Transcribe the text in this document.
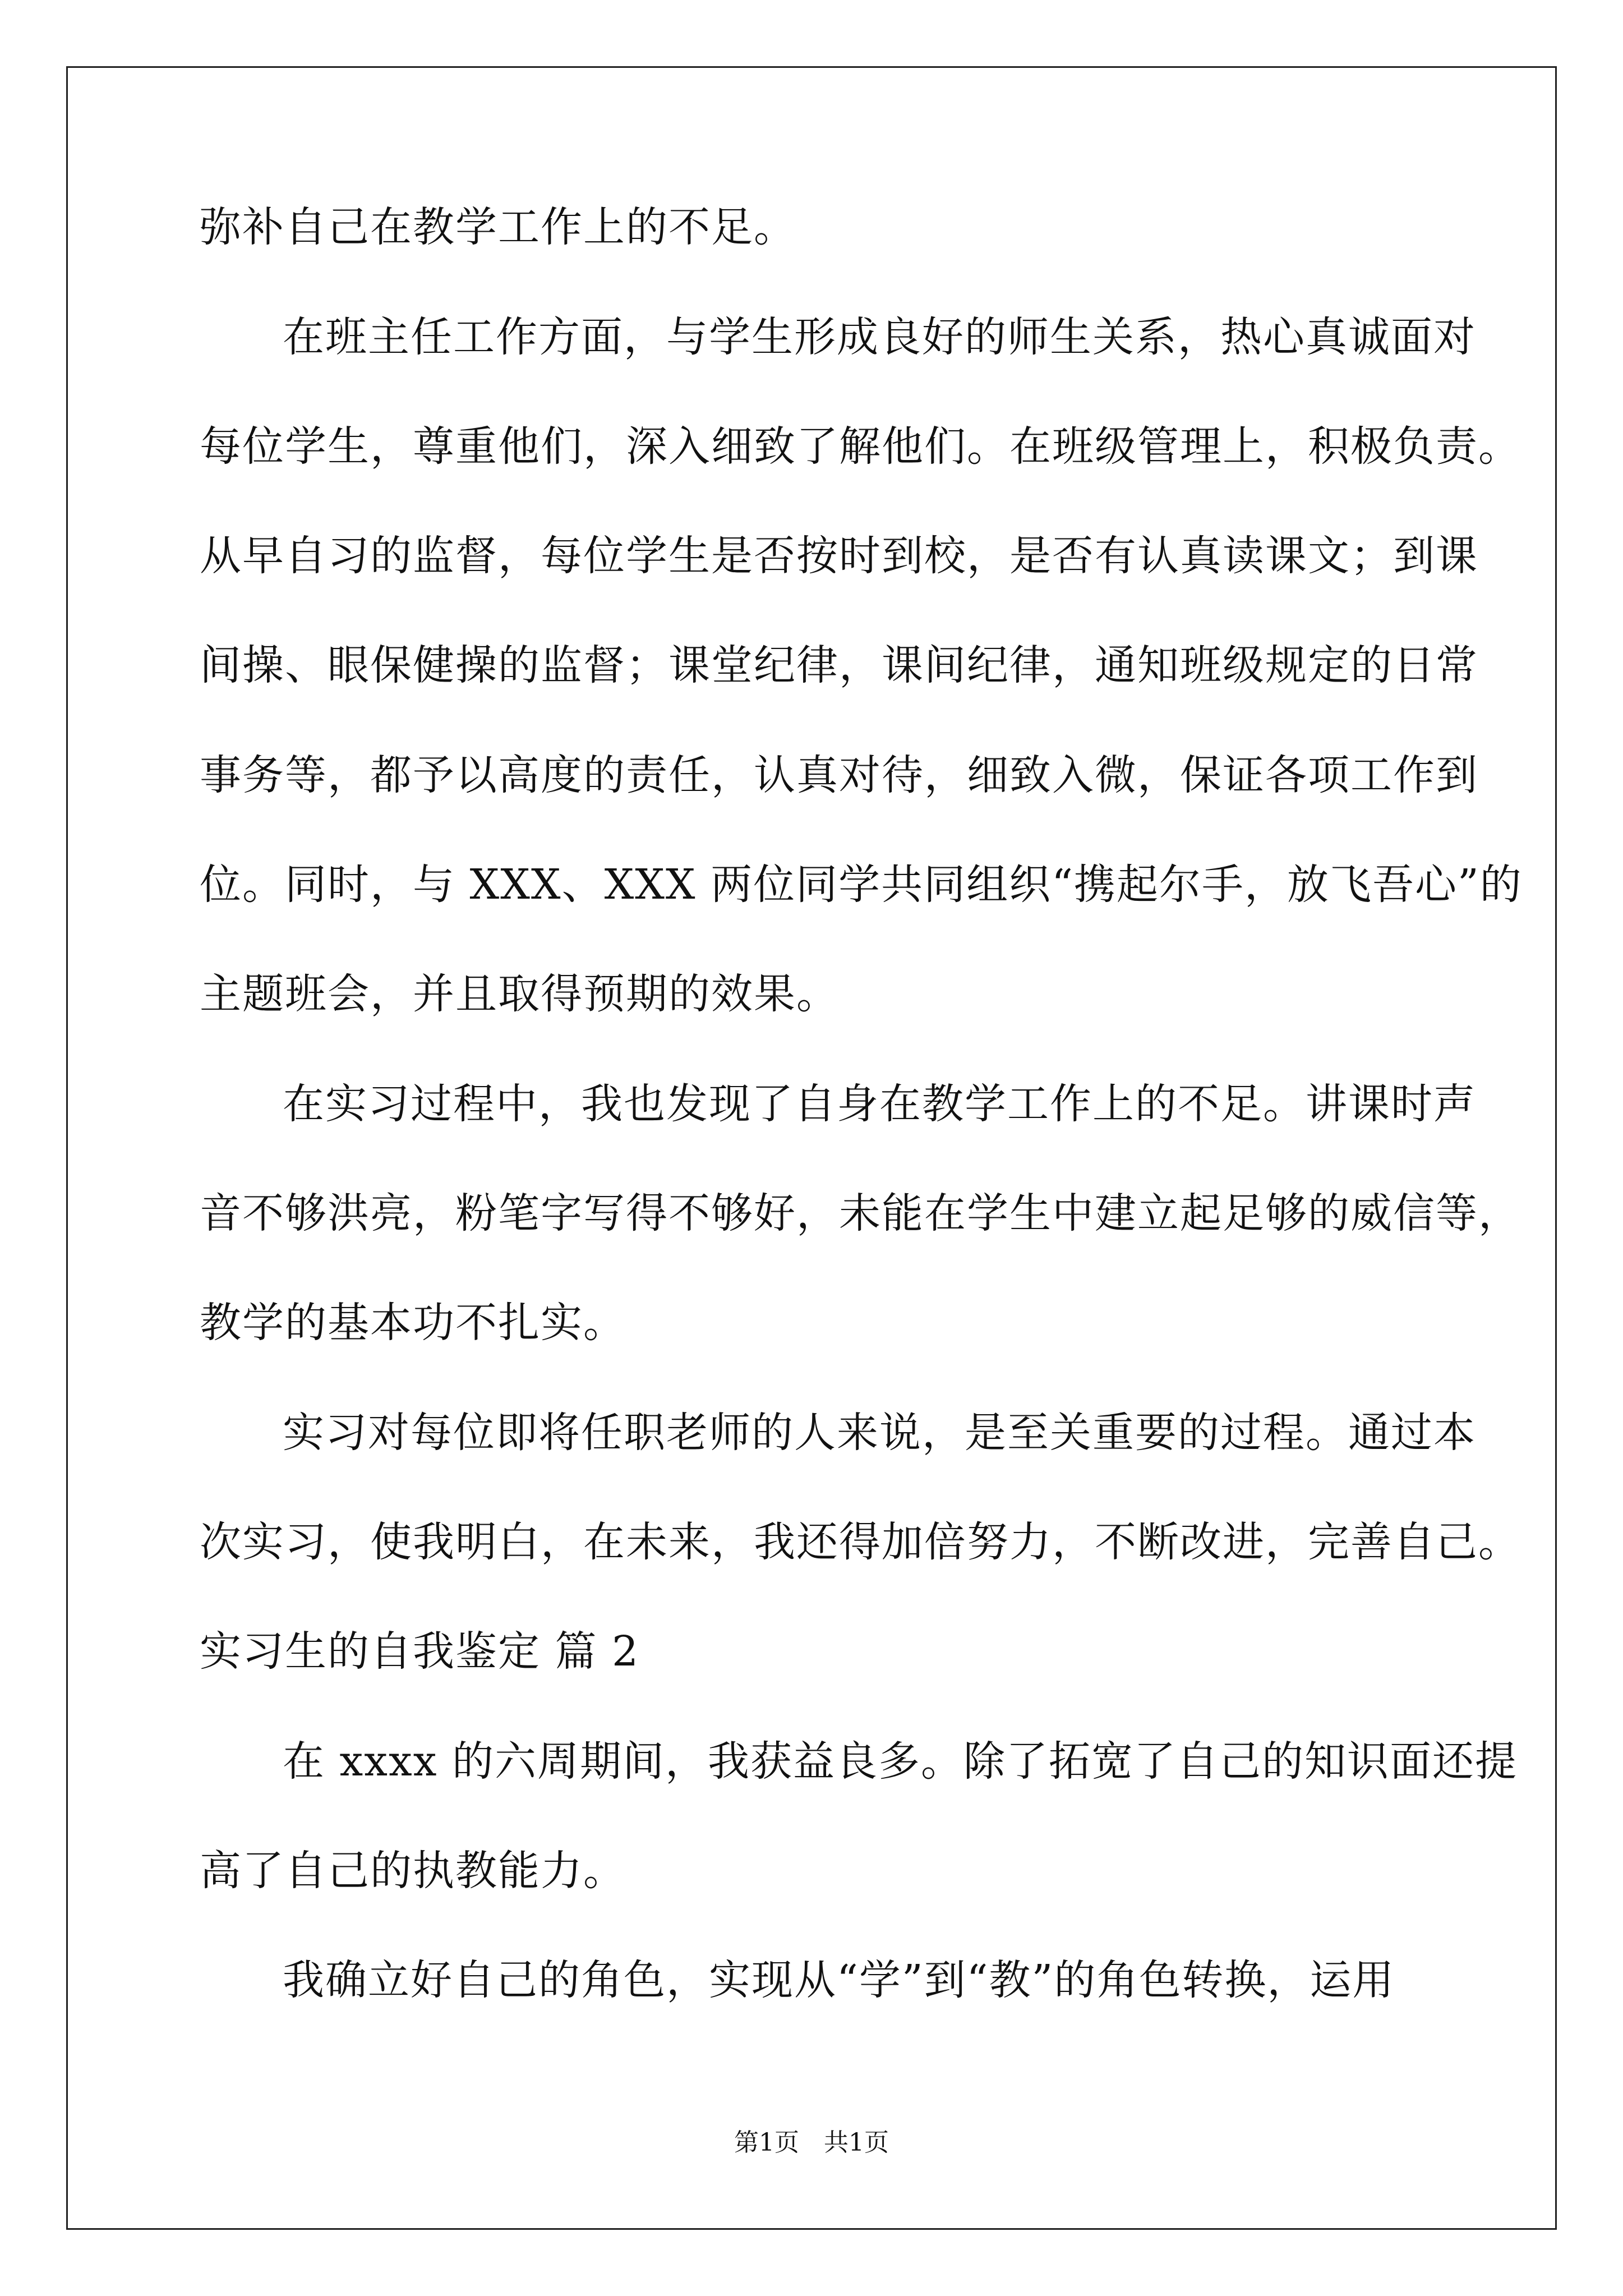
弥补自己在教学工作上的不足。
在班主任工作方面，与学生形成良好的师生关系，热心真诚面对
每位学生，尊重他们，深入细致了解他们。在班级管理上，积极负责。
从早自习的监督，每位学生是否按时到校，是否有认真读课文；到课
间操、眼保健操的监督；课堂纪律，课间纪律，通知班级规定的日常
事务等，都予以高度的责任，认真对待，细致入微，保证各项工作到
位。同时，与 XXX、XXX 两位同学共同组织“携起尔手，放飞吾心”的
主题班会，并且取得预期的效果。
在实习过程中，我也发现了自身在教学工作上的不足。讲课时声
音不够洪亮，粉笔字写得不够好，未能在学生中建立起足够的威信等，
教学的基本功不扎实。
实习对每位即将任职老师的人来说，是至关重要的过程。通过本
次实习，使我明白，在未来，我还得加倍努力，不断改进，完善自己。
实习生的自我鉴定 篇 2
在 xxxx 的六周期间，我获益良多。除了拓宽了自己的知识面还提
高了自己的执教能力。
我确立好自己的角色，实现从“学”到“教”的角色转换，运用
第1页　共1页
